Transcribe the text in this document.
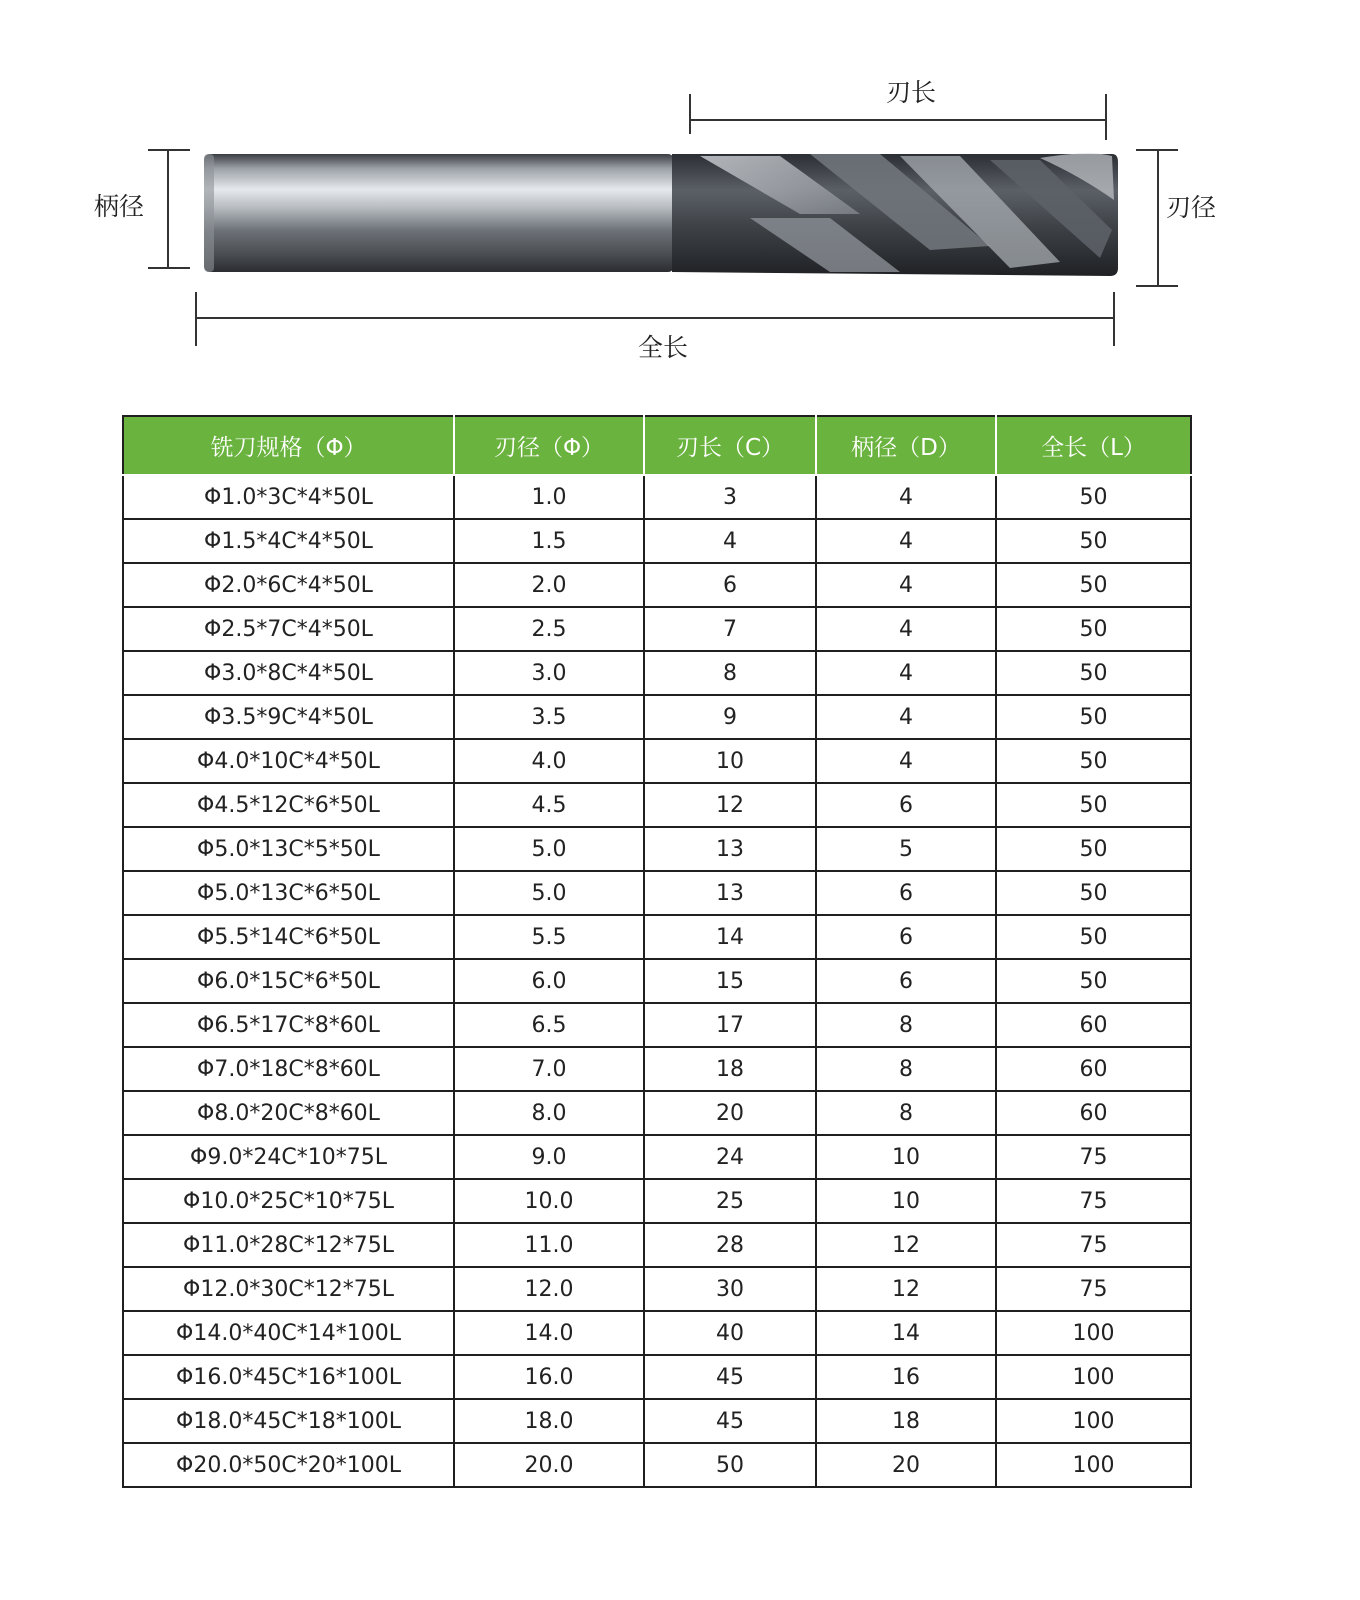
刃长
柄径	刃径
全长
铣刀规格（Φ）	刃径（Φ）	刃长（C）	柄径（D）	全长（L）
Φ1.0*3C*4*50L	1.0	3	4	50
Φ1.5*4C*4*50L	1.5	4	4	50
Φ2.0*6C*4*50L	2.0	6	4	50
Φ2.5*7C*4*50L	2.5	7	4	50
Φ3.0*8C*4*50L	3.0	8	4	50
Φ3.5*9C*4*50L	3.5	9	4	50
Φ4.0*10C*4*50L	4.0	10	4	50
Φ4.5*12C*6*50L	4.5	12	6	50
Φ5.0*13C*5*50L	5.0	13	5	50
Φ5.0*13C*6*50L	5.0	13	6	50
Φ5.5*14C*6*50L	5.5	14	6	50
Φ6.0*15C*6*50L	6.0	15	6	50
Φ6.5*17C*8*60L	6.5	17	8	60
Φ7.0*18C*8*60L	7.0	18	8	60
Φ8.0*20C*8*60L	8.0	20	8	60
Φ9.0*24C*10*75L	9.0	24	10	75
Φ10.0*25C*10*75L	10.0	25	10	75
Φ11.0*28C*12*75L	11.0	28	12	75
Φ12.0*30C*12*75L	12.0	30	12	75
Φ14.0*40C*14*100L	14.0	40	14	100
Φ16.0*45C*16*100L	16.0	45	16	100
Φ18.0*45C*18*100L	18.0	45	18	100
Φ20.0*50C*20*100L	20.0	50	20	100
